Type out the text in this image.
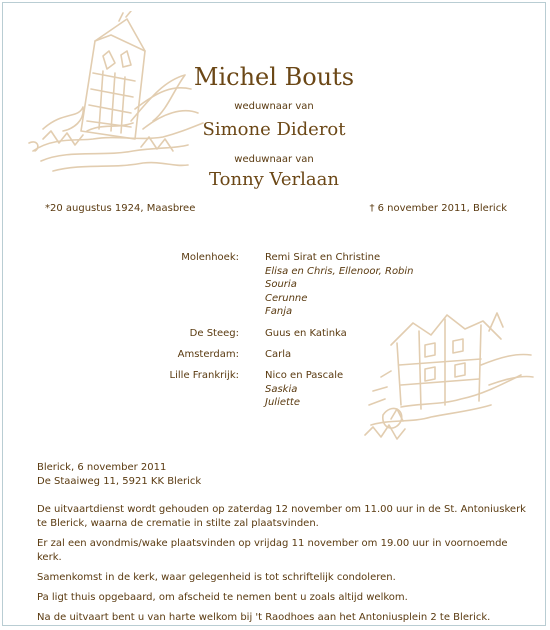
Michel Bouts
weduwnaar van
Simone Diderot
weduwnaar van
Tonny Verlaan
*20 augustus 1924, Maasbree	† 6 november 2011, Blerick
Molenhoek:	Remi Sirat en Christine
Elisa en Chris, Ellenoor, Robin
Souria
Cerunne
Fanja
De Steeg:	Guus en Katinka
Amsterdam:	Carla
Lille Frankrijk:	Nico en Pascale
Saskia
Juliette

Blerick, 6 november 2011

De Staaiweg 11, 5921 KK Blerick

De uitvaartdienst wordt gehouden op zaterdag 12 november om 11.00 uur in de St. Antoniuskerk te Blerick, waarna de crematie in stilte zal plaatsvinden.

Er zal een avondmis/wake plaatsvinden op vrijdag 11 november om 19.00 uur in voornoemde kerk.

Samenkomst in de kerk, waar gelegenheid is tot schriftelijk condoleren.

Pa ligt thuis opgebaard, om afscheid te nemen bent u zoals altijd welkom.

Na de uitvaart bent u van harte welkom bij 't Raodhoes aan het Antoniusplein 2 te Blerick.
